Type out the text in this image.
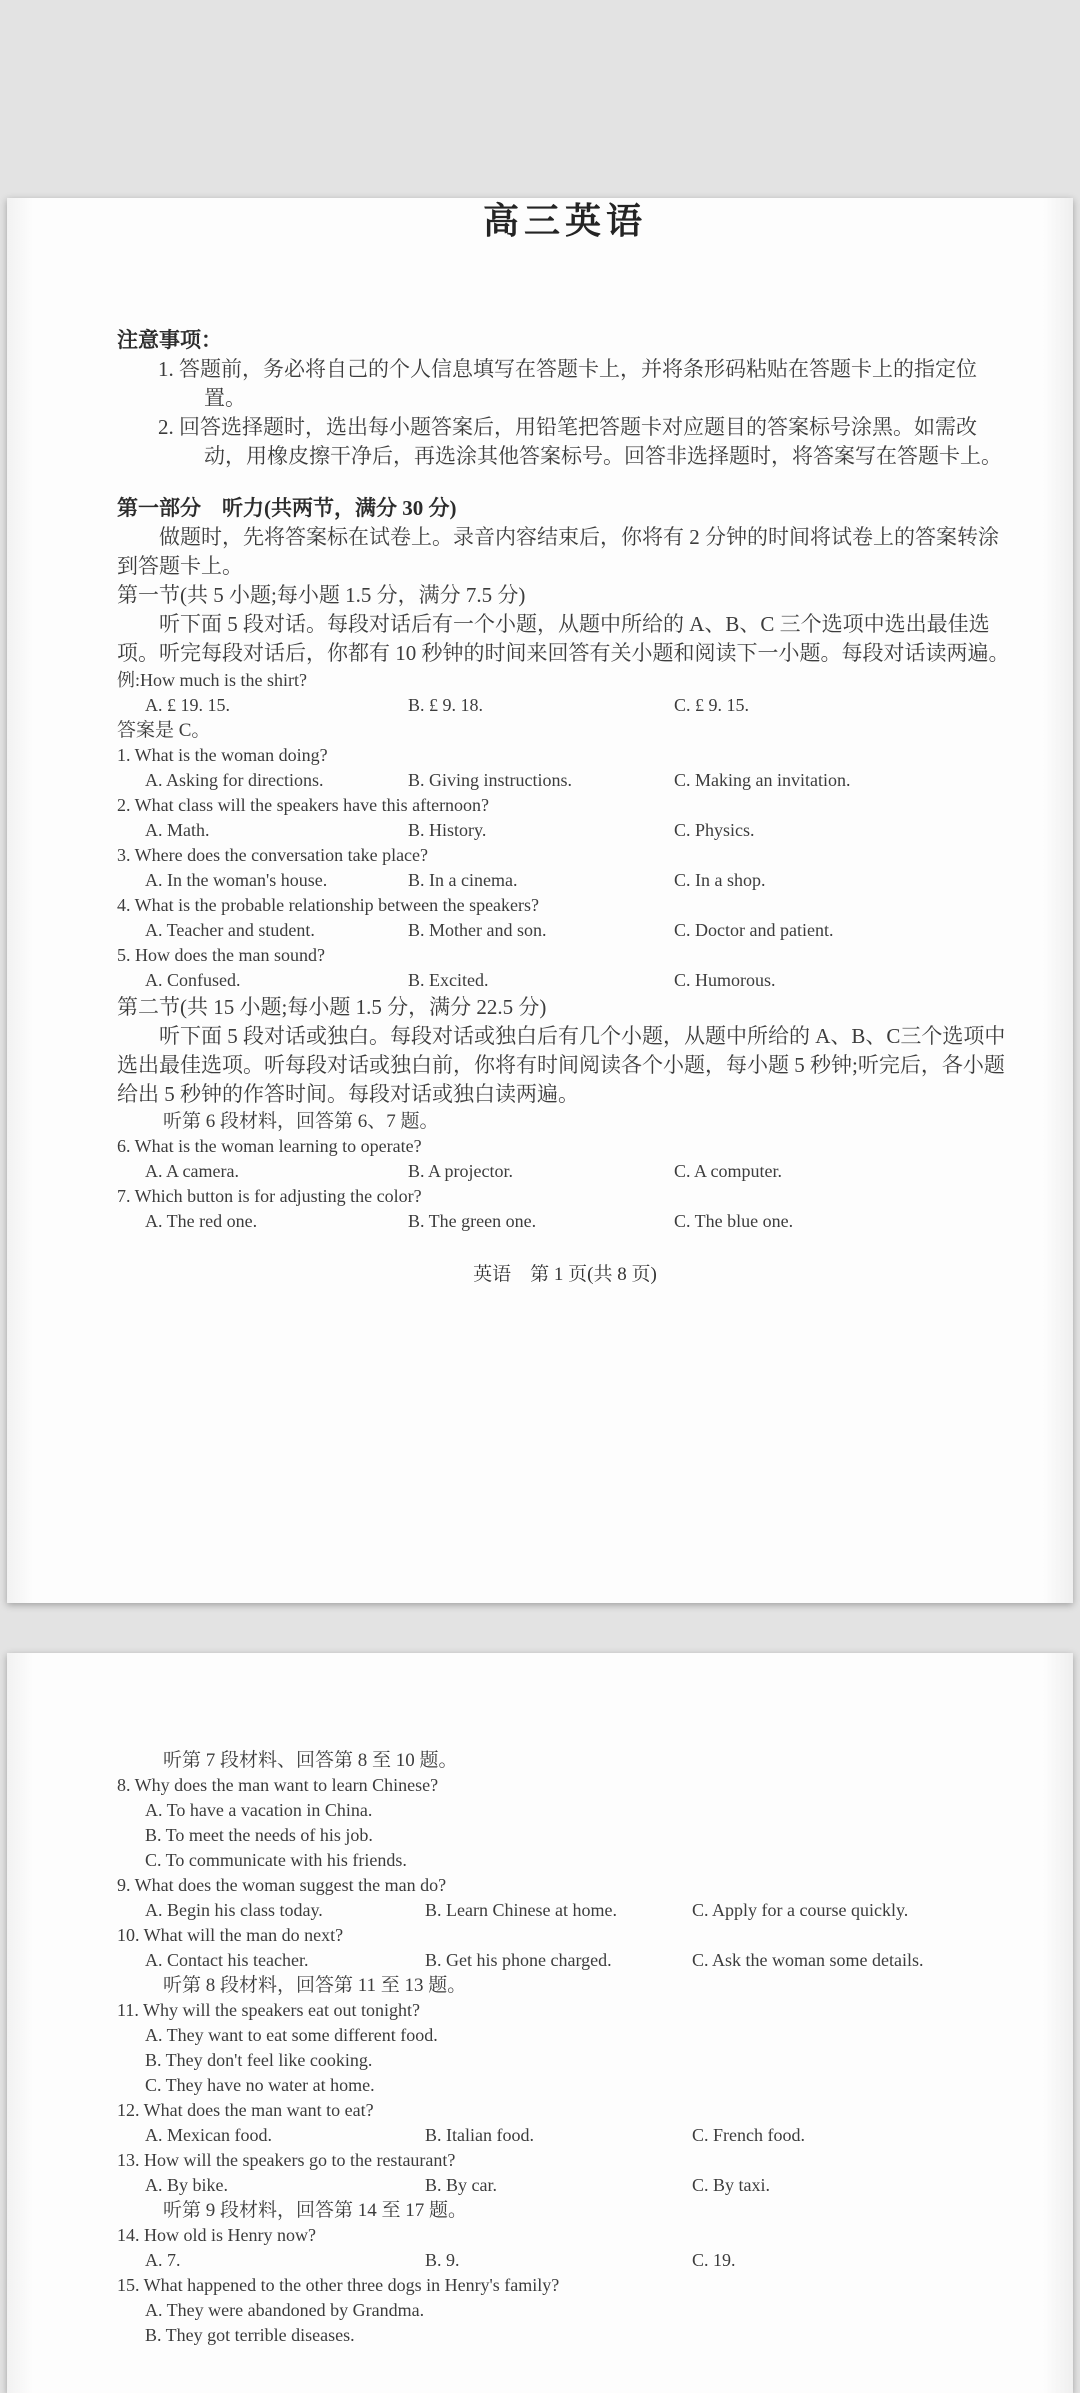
高三英语
注意事项：
1. 答题前，务必将自己的个人信息填写在答题卡上，并将条形码粘贴在答题卡上的指定位置。
2. 回答选择题时，选出每小题答案后，用铅笔把答题卡对应题目的答案标号涂黑。如需改动，用橡皮擦干净后，再选涂其他答案标号。回答非选择题时，将答案写在答题卡上。
第一部分　听力(共两节，满分 30 分)
做题时，先将答案标在试卷上。录音内容结束后，你将有 2 分钟的时间将试卷上的答案转涂到答题卡上。
第一节(共 5 小题;每小题 1.5 分，满分 7.5 分)
听下面 5 段对话。每段对话后有一个小题，从题中所给的 A、B、C 三个选项中选出最佳选项。听完每段对话后，你都有 10 秒钟的时间来回答有关小题和阅读下一小题。每段对话读两遍。
例:How much is the shirt?
A. £ 19. 15.	B. £ 9. 18.	C. £ 9. 15.
答案是 C。
1. What is the woman doing?
A. Asking for directions.	B. Giving instructions.	C. Making an invitation.
2. What class will the speakers have this afternoon?
A. Math.	B. History.	C. Physics.
3. Where does the conversation take place?
A. In the woman's house.	B. In a cinema.	C. In a shop.
4. What is the probable relationship between the speakers?
A. Teacher and student.	B. Mother and son.	C. Doctor and patient.
5. How does the man sound?
A. Confused.	B. Excited.	C. Humorous.
第二节(共 15 小题;每小题 1.5 分，满分 22.5 分)
听下面 5 段对话或独白。每段对话或独白后有几个小题，从题中所给的 A、B、C三个选项中选出最佳选项。听每段对话或独白前，你将有时间阅读各个小题，每小题 5 秒钟;听完后，各小题给出 5 秒钟的作答时间。每段对话或独白读两遍。
听第 6 段材料，回答第 6、7 题。
6. What is the woman learning to operate?
A. A camera.	B. A projector.	C. A computer.
7. Which button is for adjusting the color?
A. The red one.	B. The green one.	C. The blue one.
英语　第 1 页(共 8 页)
听第 7 段材料、回答第 8 至 10 题。
8. Why does the man want to learn Chinese?
A. To have a vacation in China.
B. To meet the needs of his job.
C. To communicate with his friends.
9. What does the woman suggest the man do?
A. Begin his class today.	B. Learn Chinese at home.	C. Apply for a course quickly.
10. What will the man do next?
A. Contact his teacher.	B. Get his phone charged.	C. Ask the woman some details.
听第 8 段材料，回答第 11 至 13 题。
11. Why will the speakers eat out tonight?
A. They want to eat some different food.
B. They don't feel like cooking.
C. They have no water at home.
12. What does the man want to eat?
A. Mexican food.	B. Italian food.	C. French food.
13. How will the speakers go to the restaurant?
A. By bike.	B. By car.	C. By taxi.
听第 9 段材料，回答第 14 至 17 题。
14. How old is Henry now?
A. 7.	B. 9.	C. 19.
15. What happened to the other three dogs in Henry's family?
A. They were abandoned by Grandma.
B. They got terrible diseases.
